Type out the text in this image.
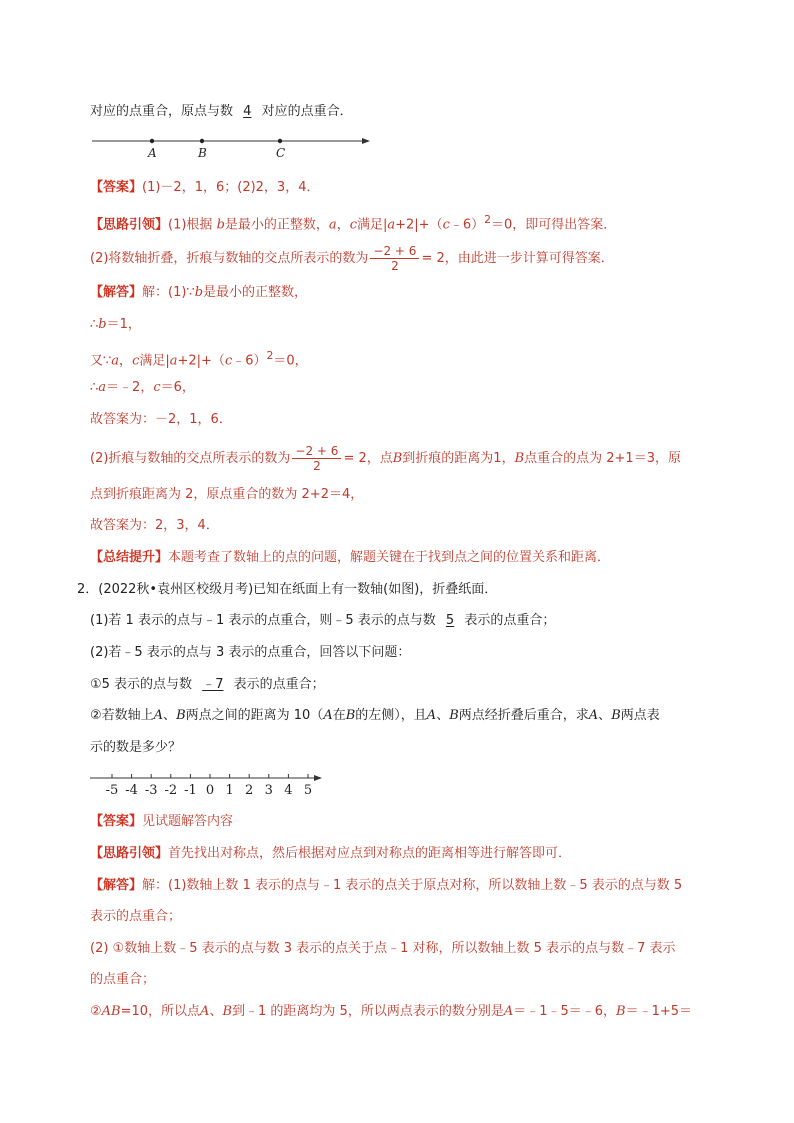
对应的点重合，原点与数 4 对应的点重合．
A	B	C
【答案】(1)－2，1，6；(2)2，3，4．
【思路引领】(1)根据 b是最小的正整数，a，c满足|a+2|+（c﹣6）$^2$＝0，即可得出答案．
(2)将数轴折叠，折痕与数轴的交点所表示的数为 $\frac{-2 + 6}{2} = 2$，由此进一步计算可得答案．
【解答】解：(1)∵b是最小的正整数，
∴b＝1，
又∵a，c满足|a+2|+（c﹣6）$^2$＝0，
∴a＝﹣2，c＝6，
故答案为：－2，1，6．
(2)折痕与数轴的交点所表示的数为 $\frac{-2 + 6}{2} = 2$，点B到折痕的距离为1，B点重合的点为 2+1＝3，原
点到折痕距离为 2，原点重合的数为 2+2＝4，
故答案为：2，3，4．
【总结提升】本题考查了数轴上的点的问题，解题关键在于找到点之间的位置关系和距离．
2．(2022秋•袁州区校级月考)已知在纸面上有一数轴(如图)，折叠纸面．
(1)若 1 表示的点与﹣1 表示的点重合，则﹣5 表示的点与数 5 表示的点重合；
(2)若﹣5 表示的点与 3 表示的点重合，回答以下问题：
①5 表示的点与数 ﹣7 表示的点重合；
②若数轴上A、B两点之间的距离为 10（A在B的左侧），且A、B两点经折叠后重合，求A、B两点表
示的数是多少？
-5 -4 -3 -2 -1 0 1 2 3 4 5
【答案】见试题解答内容
【思路引领】首先找出对称点，然后根据对应点到对称点的距离相等进行解答即可．
【解答】解：(1)数轴上数 1 表示的点与﹣1 表示的点关于原点对称，所以数轴上数﹣5 表示的点与数 5
表示的点重合；
(2) ①数轴上数﹣5 表示的点与数 3 表示的点关于点﹣1 对称，所以数轴上数 5 表示的点与数﹣7 表示
的点重合；
②AB=10，所以点A、B到﹣1 的距离均为 5，所以两点表示的数分别是A＝﹣1﹣5＝﹣6，B＝﹣1+5＝
